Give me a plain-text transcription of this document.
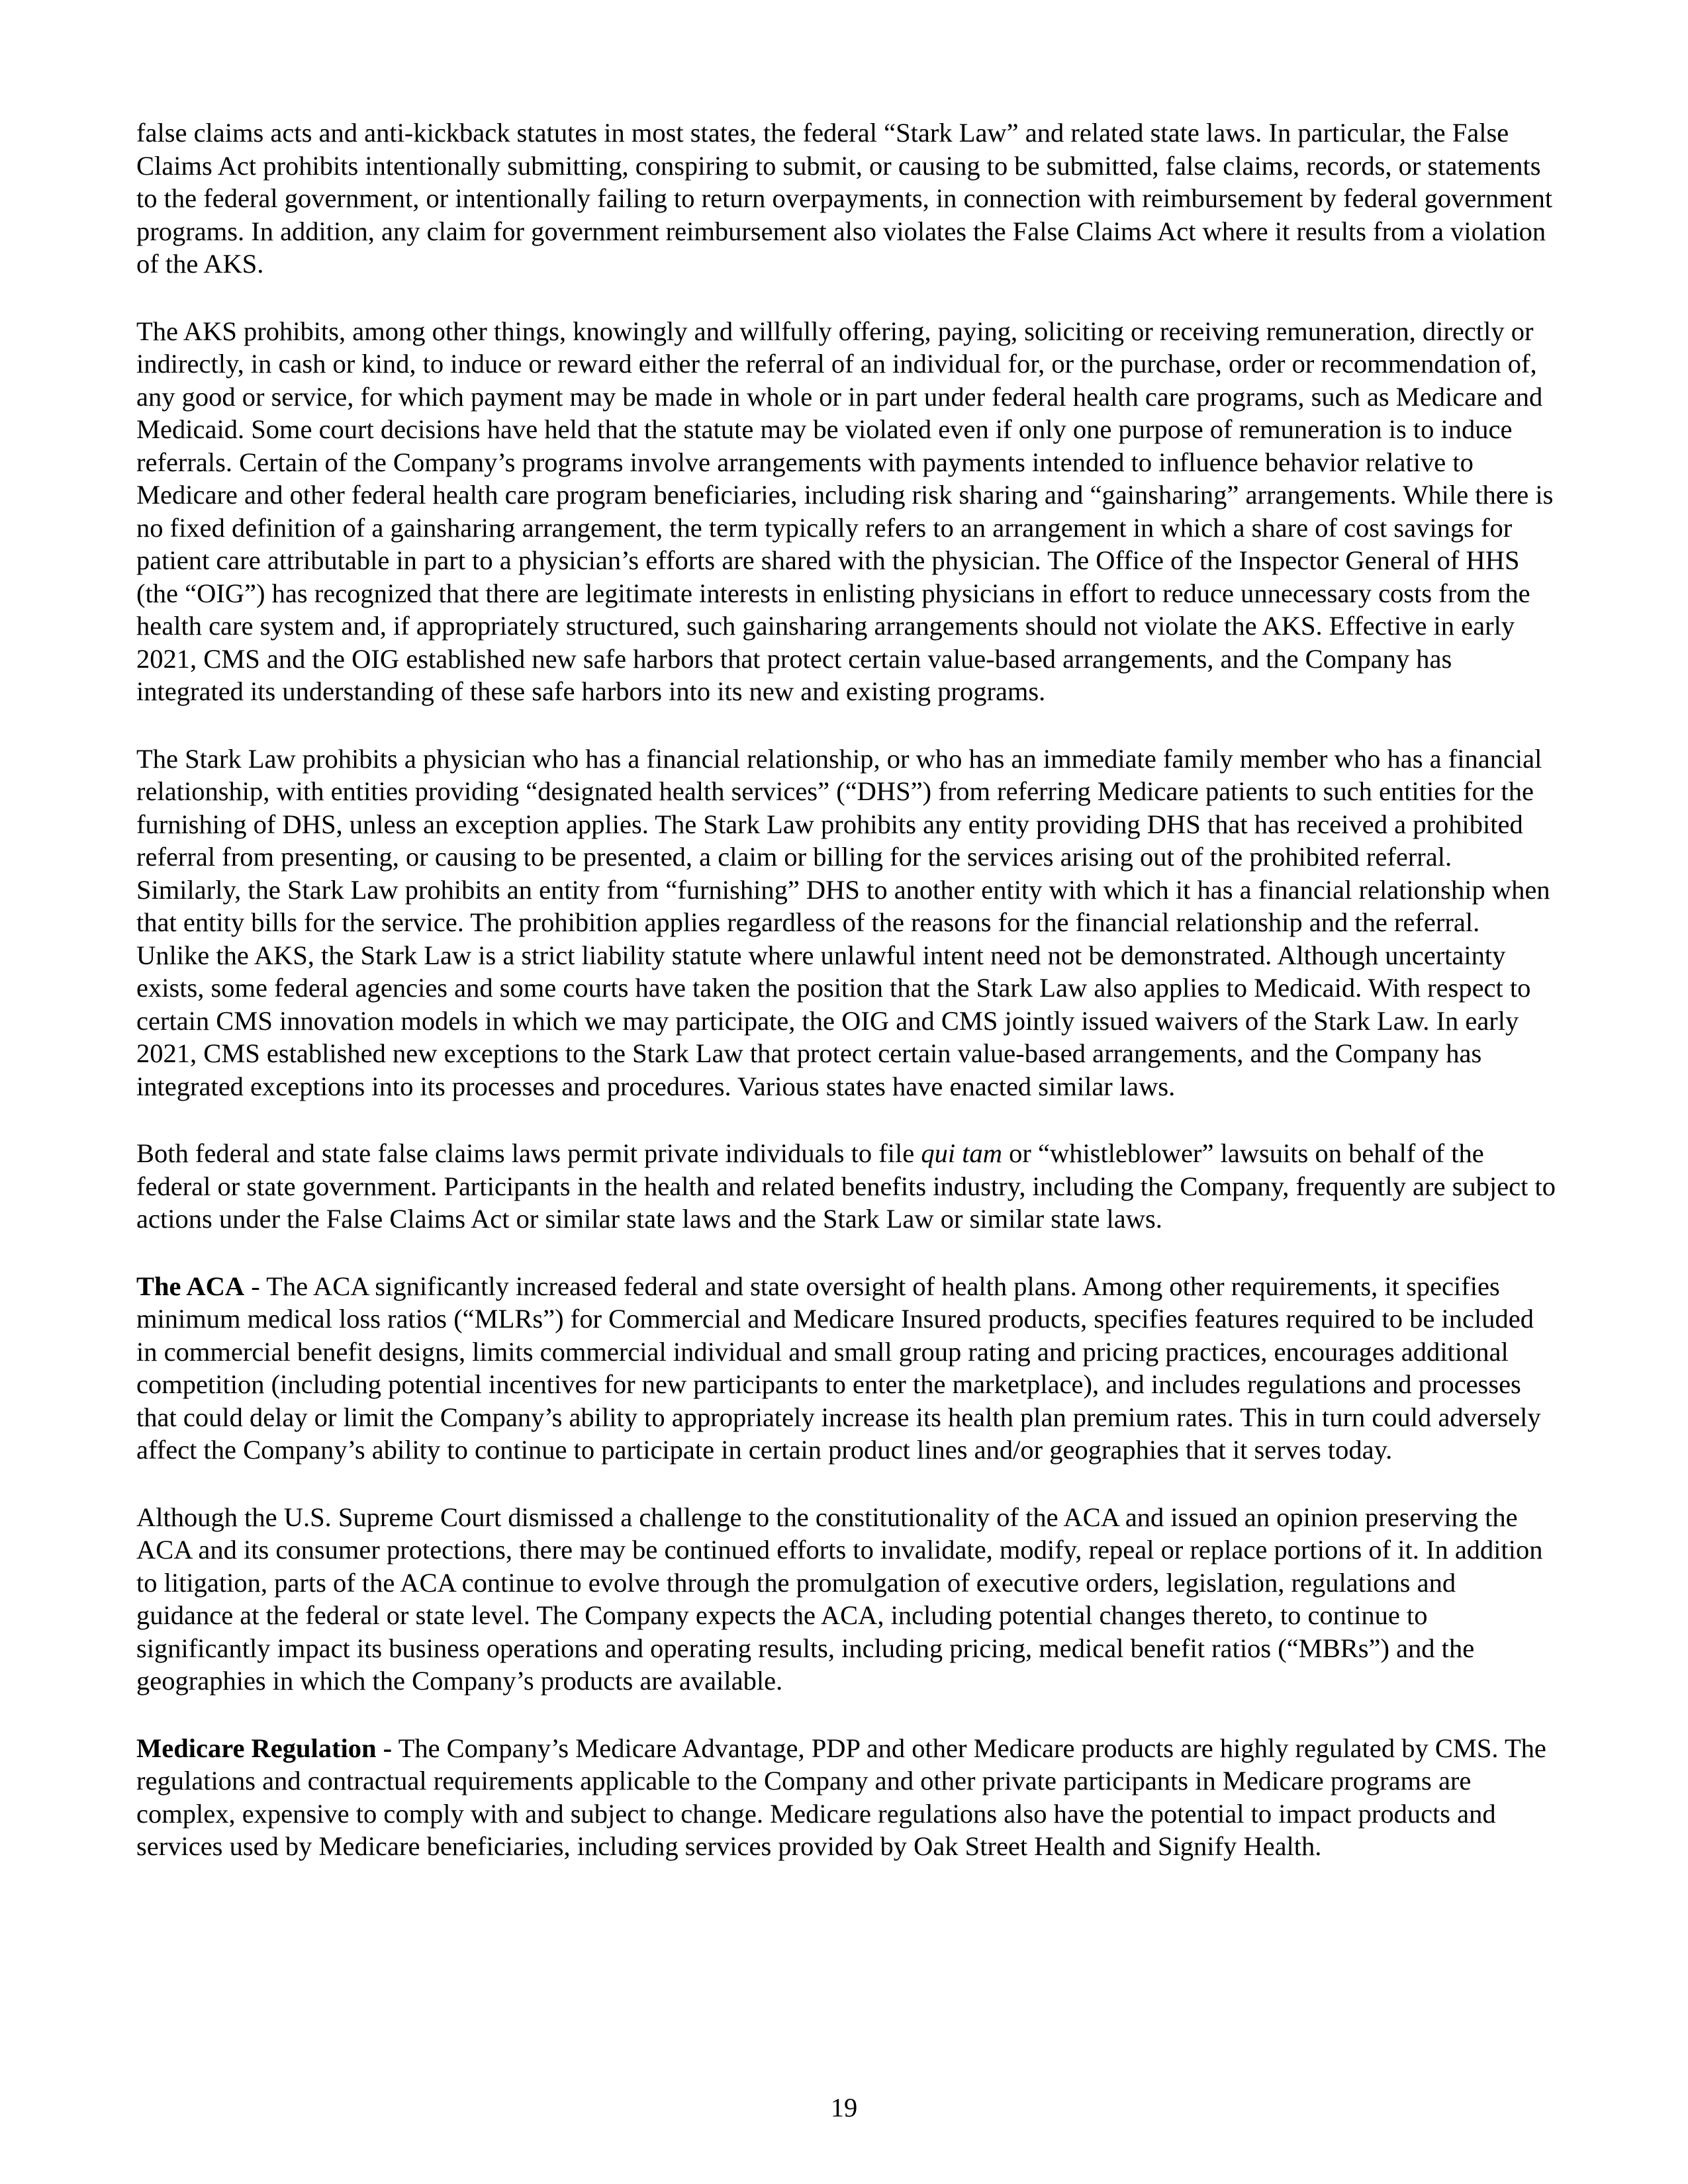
false claims acts and anti-kickback statutes in most states, the federal “Stark Law” and related state laws. In particular, the False Claims Act prohibits intentionally submitting, conspiring to submit, or causing to be submitted, false claims, records, or statements to the federal government, or intentionally failing to return overpayments, in connection with reimbursement by federal government programs. In addition, any claim for government reimbursement also violates the False Claims Act where it results from a violation of the AKS.

The AKS prohibits, among other things, knowingly and willfully offering, paying, soliciting or receiving remuneration, directly or indirectly, in cash or kind, to induce or reward either the referral of an individual for, or the purchase, order or recommendation of, any good or service, for which payment may be made in whole or in part under federal health care programs, such as Medicare and Medicaid. Some court decisions have held that the statute may be violated even if only one purpose of remuneration is to induce referrals. Certain of the Company’s programs involve arrangements with payments intended to influence behavior relative to Medicare and other federal health care program beneficiaries, including risk sharing and “gainsharing” arrangements. While there is no fixed definition of a gainsharing arrangement, the term typically refers to an arrangement in which a share of cost savings for patient care attributable in part to a physician’s efforts are shared with the physician. The Office of the Inspector General of HHS (the “OIG”) has recognized that there are legitimate interests in enlisting physicians in effort to reduce unnecessary costs from the health care system and, if appropriately structured, such gainsharing arrangements should not violate the AKS. Effective in early 2021, CMS and the OIG established new safe harbors that protect certain value-based arrangements, and the Company has integrated its understanding of these safe harbors into its new and existing programs.

The Stark Law prohibits a physician who has a financial relationship, or who has an immediate family member who has a financial relationship, with entities providing “designated health services” (“DHS”) from referring Medicare patients to such entities for the furnishing of DHS, unless an exception applies. The Stark Law prohibits any entity providing DHS that has received a prohibited referral from presenting, or causing to be presented, a claim or billing for the services arising out of the prohibited referral. Similarly, the Stark Law prohibits an entity from “furnishing” DHS to another entity with which it has a financial relationship when that entity bills for the service. The prohibition applies regardless of the reasons for the financial relationship and the referral. Unlike the AKS, the Stark Law is a strict liability statute where unlawful intent need not be demonstrated. Although uncertainty exists, some federal agencies and some courts have taken the position that the Stark Law also applies to Medicaid. With respect to certain CMS innovation models in which we may participate, the OIG and CMS jointly issued waivers of the Stark Law. In early 2021, CMS established new exceptions to the Stark Law that protect certain value-based arrangements, and the Company has integrated exceptions into its processes and procedures. Various states have enacted similar laws.

Both federal and state false claims laws permit private individuals to file qui tam or “whistleblower” lawsuits on behalf of the federal or state government. Participants in the health and related benefits industry, including the Company, frequently are subject to actions under the False Claims Act or similar state laws and the Stark Law or similar state laws.

The ACA - The ACA significantly increased federal and state oversight of health plans. Among other requirements, it specifies minimum medical loss ratios (“MLRs”) for Commercial and Medicare Insured products, specifies features required to be included in commercial benefit designs, limits commercial individual and small group rating and pricing practices, encourages additional competition (including potential incentives for new participants to enter the marketplace), and includes regulations and processes that could delay or limit the Company’s ability to appropriately increase its health plan premium rates. This in turn could adversely affect the Company’s ability to continue to participate in certain product lines and/or geographies that it serves today.

Although the U.S. Supreme Court dismissed a challenge to the constitutionality of the ACA and issued an opinion preserving the ACA and its consumer protections, there may be continued efforts to invalidate, modify, repeal or replace portions of it. In addition to litigation, parts of the ACA continue to evolve through the promulgation of executive orders, legislation, regulations and guidance at the federal or state level. The Company expects the ACA, including potential changes thereto, to continue to significantly impact its business operations and operating results, including pricing, medical benefit ratios (“MBRs”) and the geographies in which the Company’s products are available.

Medicare Regulation - The Company’s Medicare Advantage, PDP and other Medicare products are highly regulated by CMS. The regulations and contractual requirements applicable to the Company and other private participants in Medicare programs are complex, expensive to comply with and subject to change. Medicare regulations also have the potential to impact products and services used by Medicare beneficiaries, including services provided by Oak Street Health and Signify Health.

19
